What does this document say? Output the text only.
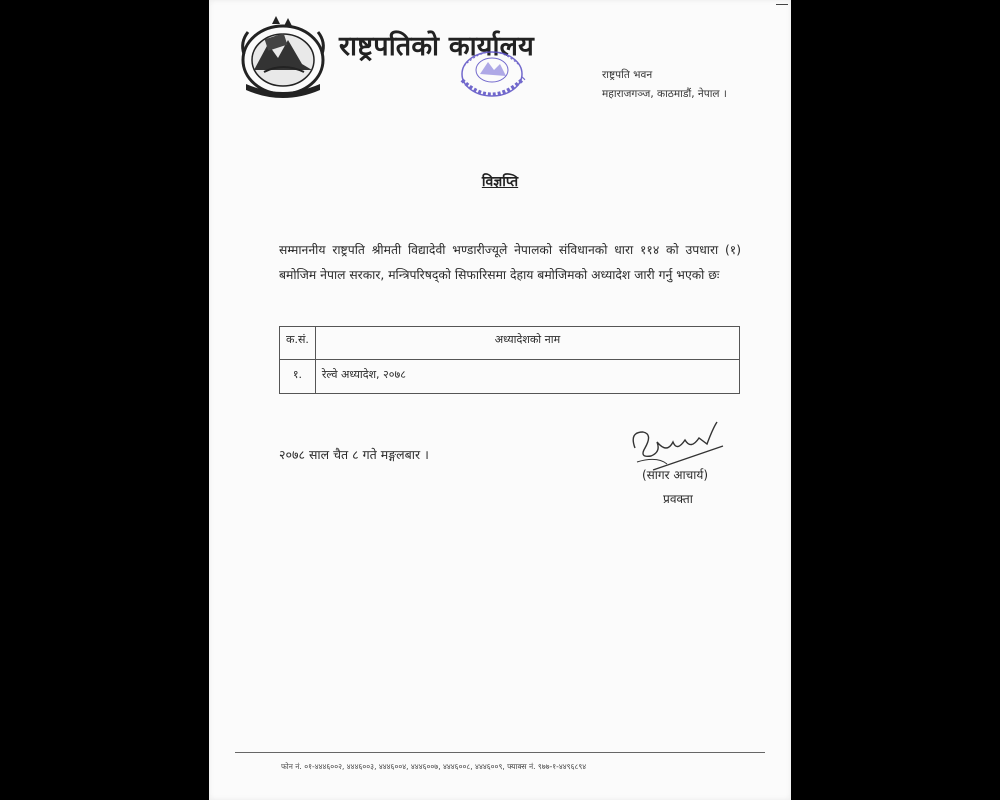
राष्ट्रपतिको कार्यालय
राष्ट्रपति भवन
महाराजगञ्ज, काठमाडौं, नेपाल ।
विज्ञप्ति
सम्माननीय राष्ट्रपति श्रीमती विद्यादेवी भण्डारीज्यूले नेपालको संविधानको धारा ११४ को उपधारा (१) बमोजिम नेपाल सरकार, मन्त्रिपरिषद्को सिफारिसमा देहाय बमोजिमको अध्यादेश जारी गर्नु भएको छः
क.सं.	अध्यादेशको नाम
१.	रेल्वे अध्यादेश, २०७८
२०७८ साल चैत ८ गते मङ्गलबार ।
(सागर आचार्य)
प्रवक्ता
फोन नं. ०१-४४४६००२, ४४४६००३, ४४४६००४, ४४४६००७, ४४४६००८, ४४४६००९, फ्याक्स नं. ९७७-१-४४९६८९४
